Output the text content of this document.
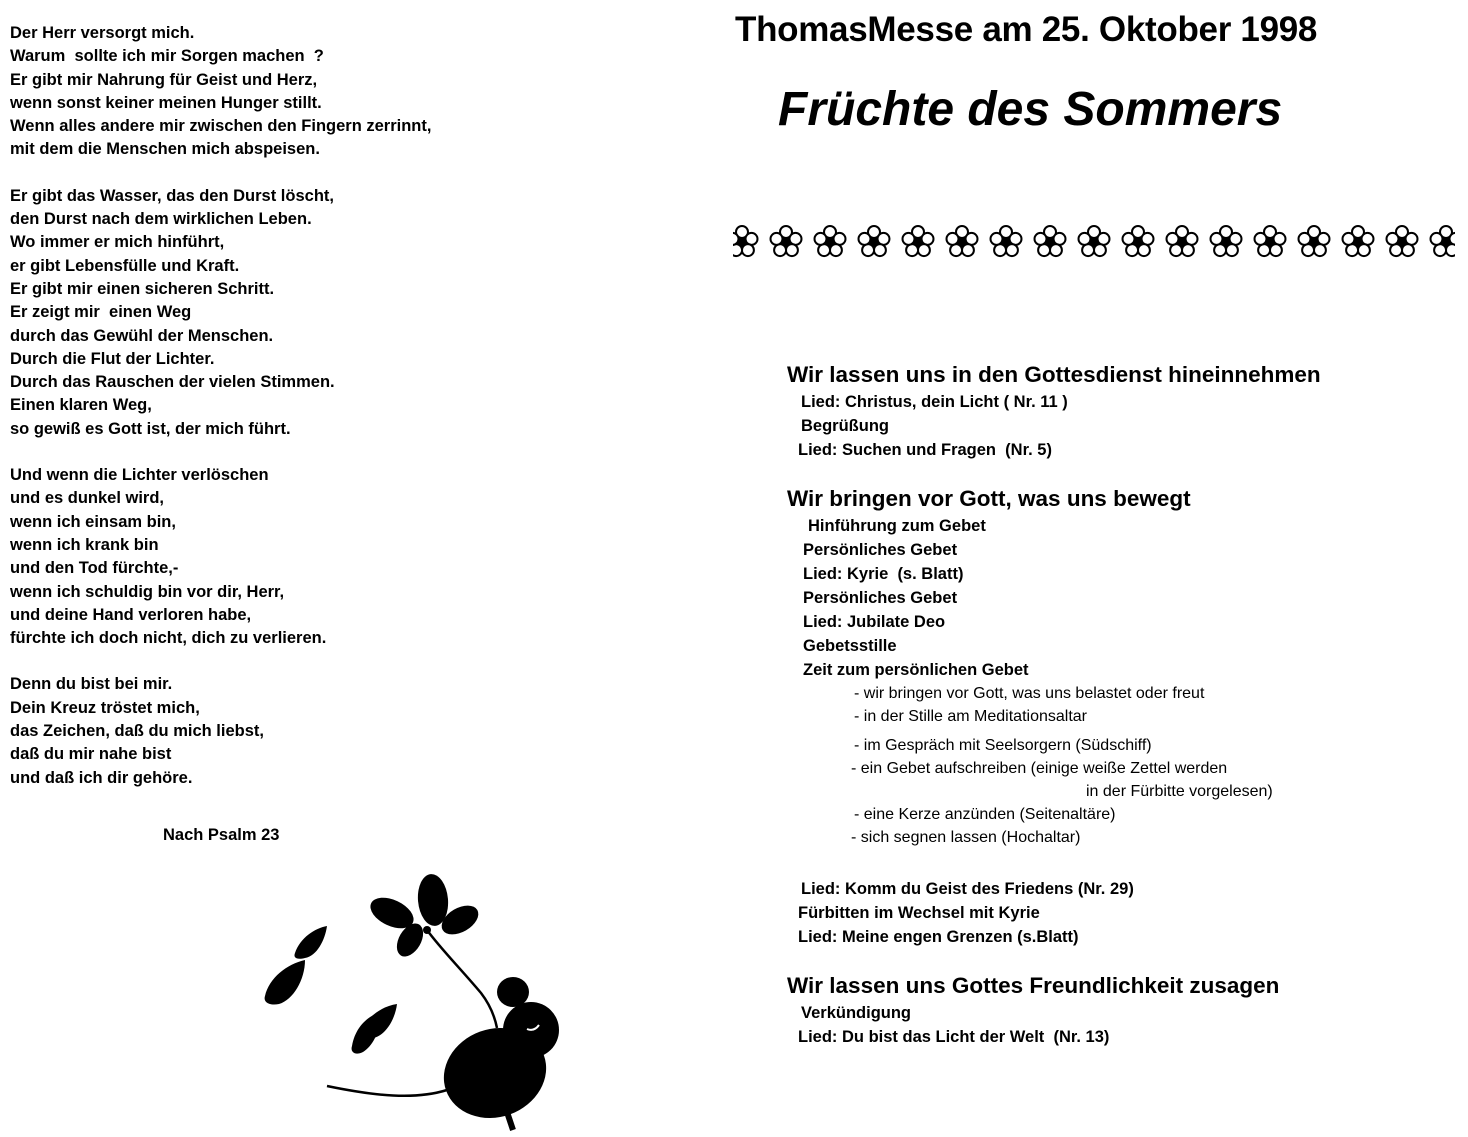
Der Herr versorgt mich.
Warum  sollte ich mir Sorgen machen  ?
Er gibt mir Nahrung für Geist und Herz,
wenn sonst keiner meinen Hunger stillt.
Wenn alles andere mir zwischen den Fingern zerrinnt,
mit dem die Menschen mich abspeisen.
Er gibt das Wasser, das den Durst löscht,
den Durst nach dem wirklichen Leben.
Wo immer er mich hinführt,
er gibt Lebensfülle und Kraft.
Er gibt mir einen sicheren Schritt.
Er zeigt mir  einen Weg
durch das Gewühl der Menschen.
Durch die Flut der Lichter.
Durch das Rauschen der vielen Stimmen.
Einen klaren Weg,
so gewiß es Gott ist, der mich führt.
Und wenn die Lichter verlöschen
und es dunkel wird,
wenn ich einsam bin,
wenn ich krank bin
und den Tod fürchte,-
wenn ich schuldig bin vor dir, Herr,
und deine Hand verloren habe,
fürchte ich doch nicht, dich zu verlieren.
Denn du bist bei mir.
Dein Kreuz tröstet mich,
das Zeichen, daß du mich liebst,
daß du mir nahe bist
und daß ich dir gehöre.
Nach Psalm 23
ThomasMesse am 25. Oktober 1998
Früchte des Sommers
Wir lassen uns in den Gottesdienst hineinnehmen
Lied: Christus, dein Licht ( Nr. 11 )
Begrüßung
Lied: Suchen und Fragen  (Nr. 5)
Wir bringen vor Gott, was uns bewegt
Hinführung zum Gebet
Persönliches Gebet
Lied: Kyrie  (s. Blatt)
Persönliches Gebet
Lied: Jubilate Deo
Gebetsstille
Zeit zum persönlichen Gebet
- wir bringen vor Gott, was uns belastet oder freut
- in der Stille am Meditationsaltar
- im Gespräch mit Seelsorgern (Südschiff)
- ein Gebet aufschreiben (einige weiße Zettel werden
in der Fürbitte vorgelesen)
- eine Kerze anzünden (Seitenaltäre)
- sich segnen lassen (Hochaltar)
Lied: Komm du Geist des Friedens (Nr. 29)
Fürbitten im Wechsel mit Kyrie
Lied: Meine engen Grenzen (s.Blatt)
Wir lassen uns Gottes Freundlichkeit zusagen
Verkündigung
Lied: Du bist das Licht der Welt  (Nr. 13)
